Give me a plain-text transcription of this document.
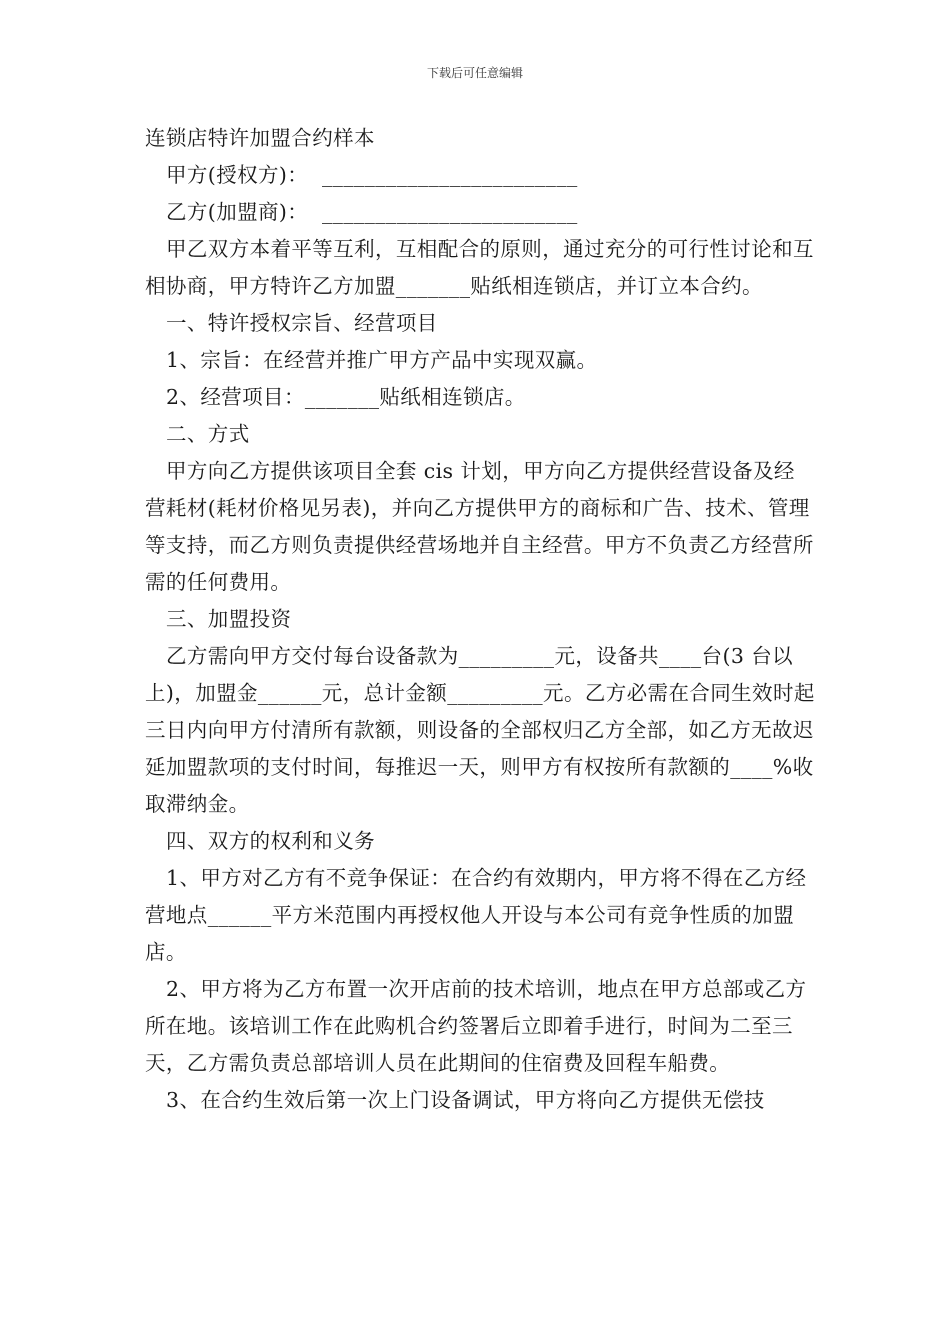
下载后可任意编辑

连锁店特许加盟合约样本

甲方(授权方)：  ________________________

乙方(加盟商)：  ________________________

甲乙双方本着平等互利，互相配合的原则，通过充分的可行性讨论和互相协商，甲方特许乙方加盟_______贴纸相连锁店，并订立本合约。

一、特许授权宗旨、经营项目

1、宗旨：在经营并推广甲方产品中实现双赢。

2、经营项目：_______贴纸相连锁店。

二、方式

甲方向乙方提供该项目全套 cis 计划，甲方向乙方提供经营设备及经营耗材(耗材价格见另表)，并向乙方提供甲方的商标和广告、技术、管理等支持，而乙方则负责提供经营场地并自主经营。甲方不负责乙方经营所需的任何费用。

三、加盟投资

乙方需向甲方交付每台设备款为_________元，设备共____台(3 台以上)，加盟金______元，总计金额_________元。乙方必需在合同生效时起三日内向甲方付清所有款额，则设备的全部权归乙方全部，如乙方无故迟延加盟款项的支付时间，每推迟一天，则甲方有权按所有款额的____%收取滞纳金。

四、双方的权利和义务

1、甲方对乙方有不竞争保证：在合约有效期内，甲方将不得在乙方经营地点______平方米范围内再授权他人开设与本公司有竞争性质的加盟店。

2、甲方将为乙方布置一次开店前的技术培训，地点在甲方总部或乙方所在地。该培训工作在此购机合约签署后立即着手进行，时间为二至三天，乙方需负责总部培训人员在此期间的住宿费及回程车船费。

3、在合约生效后第一次上门设备调试，甲方将向乙方提供无偿技
